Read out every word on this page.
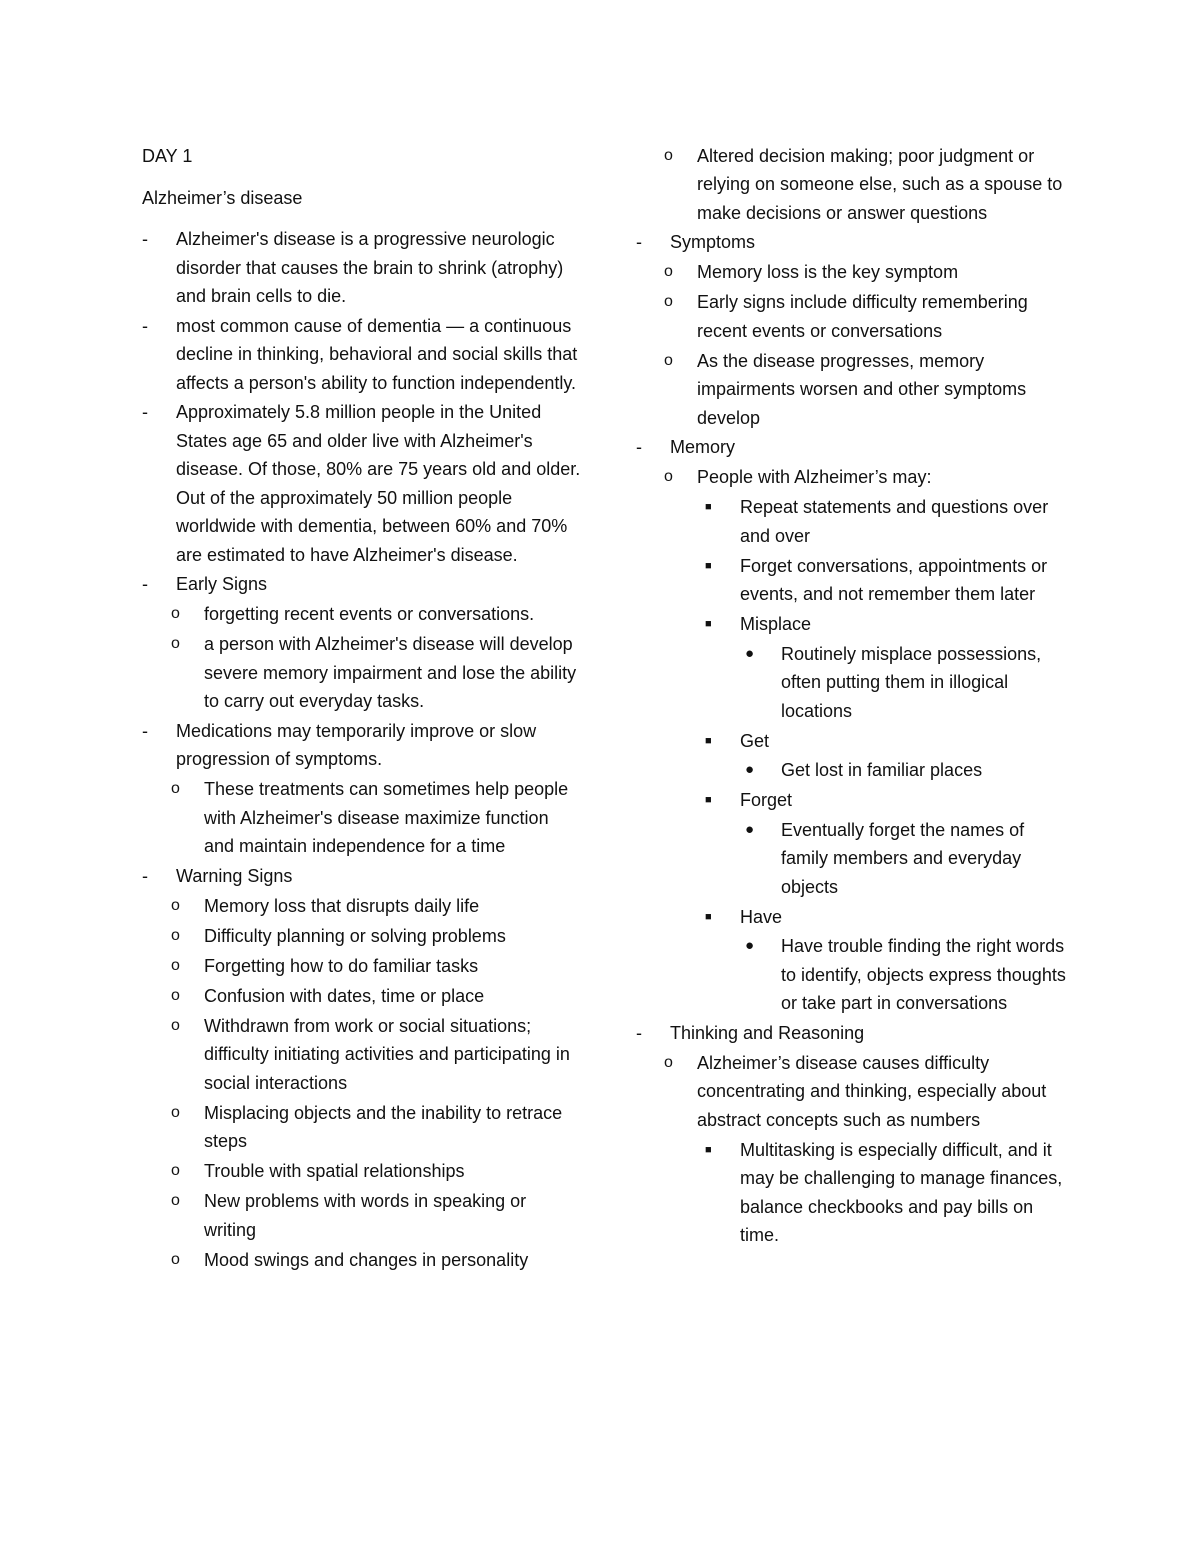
DAY 1
Alzheimer’s disease
-	Alzheimer's disease is a progressive neurologic disorder that causes the brain to shrink (atrophy) and brain cells to die.
-	most common cause of dementia — a continuous decline in thinking, behavioral and social skills that affects a person's ability to function independently.
-	Approximately 5.8 million people in the United States age 65 and older live with Alzheimer's disease. Of those, 80% are 75 years old and older. Out of the approximately 50 million people worldwide with dementia, between 60% and 70% are estimated to have Alzheimer's disease.
-	Early Signs
o forgetting recent events or conversations.
o a person with Alzheimer's disease will develop severe memory impairment and lose the ability to carry out everyday tasks.
-	Medications may temporarily improve or slow progression of symptoms.
o These treatments can sometimes help people with Alzheimer's disease maximize function and maintain independence for a time
-	Warning Signs
o Memory loss that disrupts daily life
o Difficulty planning or solving problems
o Forgetting how to do familiar tasks
o Confusion with dates, time or place
o Withdrawn from work or social situations; difficulty initiating activities and participating in social interactions
o Misplacing objects and the inability to retrace steps
o Trouble with spatial relationships
o New problems with words in speaking or writing
o Mood swings and changes in personality
o Altered decision making; poor judgment or relying on someone else, such as a spouse to make decisions or answer questions
-	Symptoms
o Memory loss is the key symptom
o Early signs include difficulty remembering recent events or conversations
o As the disease progresses, memory impairments worsen and other symptoms develop
-	Memory
o People with Alzheimer’s may:
■ Repeat statements and questions over and over
■ Forget conversations, appointments or events, and not remember them later
■ Misplace
● Routinely misplace possessions, often putting them in illogical locations
■ Get
● Get lost in familiar places
■ Forget
● Eventually forget the names of family members and everyday objects
■ Have
● Have trouble finding the right words to identify, objects express thoughts or take part in conversations
-	Thinking and Reasoning
o Alzheimer’s disease causes difficulty concentrating and thinking, especially about abstract concepts such as numbers
■ Multitasking is especially difficult, and it may be challenging to manage finances, balance checkbooks and pay bills on time.
